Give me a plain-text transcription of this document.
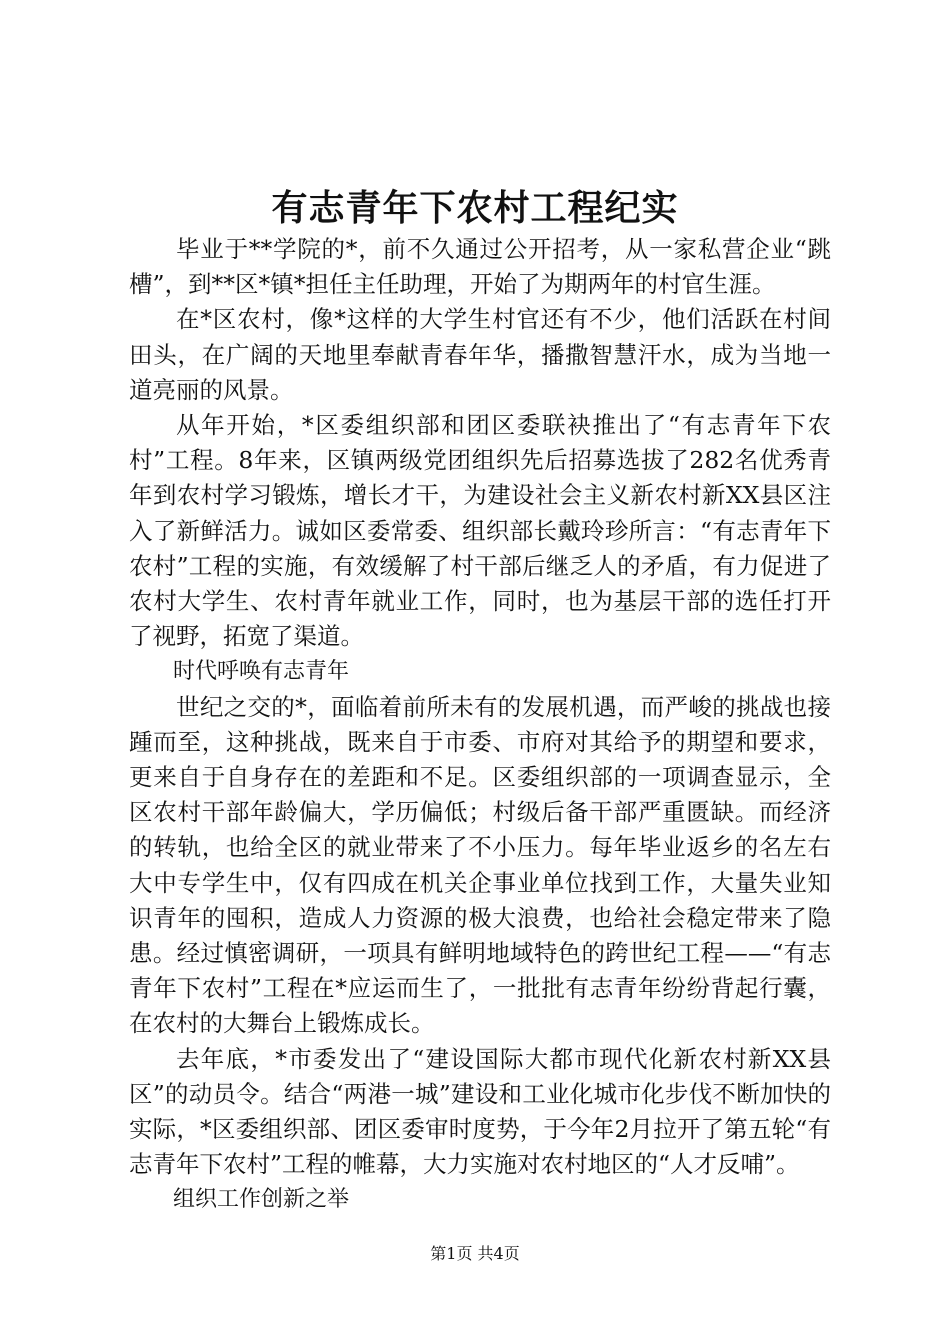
有志青年下农村工程纪实

毕业于**学院的*，前不久通过公开招考，从一家私营企业“跳槽”，到**区*镇*担任主任助理，开始了为期两年的村官生涯。

在*区农村，像*这样的大学生村官还有不少，他们活跃在村间田头，在广阔的天地里奉献青春年华，播撒智慧汗水，成为当地一道亮丽的风景。

从年开始，*区委组织部和团区委联袂推出了“有志青年下农村”工程。8年来，区镇两级党团组织先后招募选拔了282名优秀青年到农村学习锻炼，增长才干，为建设社会主义新农村新XX县区注入了新鲜活力。诚如区委常委、组织部长戴玲珍所言：“有志青年下农村”工程的实施，有效缓解了村干部后继乏人的矛盾，有力促进了农村大学生、农村青年就业工作，同时，也为基层干部的选任打开了视野，拓宽了渠道。

时代呼唤有志青年

世纪之交的*，面临着前所未有的发展机遇，而严峻的挑战也接踵而至，这种挑战，既来自于市委、市府对其给予的期望和要求，更来自于自身存在的差距和不足。区委组织部的一项调查显示，全区农村干部年龄偏大，学历偏低；村级后备干部严重匮缺。而经济的转轨，也给全区的就业带来了不小压力。每年毕业返乡的名左右大中专学生中，仅有四成在机关企事业单位找到工作，大量失业知识青年的囤积，造成人力资源的极大浪费，也给社会稳定带来了隐患。经过慎密调研，一项具有鲜明地域特色的跨世纪工程——“有志青年下农村”工程在*应运而生了，一批批有志青年纷纷背起行囊，在农村的大舞台上锻炼成长。

去年底，*市委发出了“建设国际大都市现代化新农村新XX县区”的动员令。结合“两港一城”建设和工业化城市化步伐不断加快的实际，*区委组织部、团区委审时度势，于今年2月拉开了第五轮“有志青年下农村”工程的帷幕，大力实施对农村地区的“人才反哺”。

组织工作创新之举

第1页 共4页
